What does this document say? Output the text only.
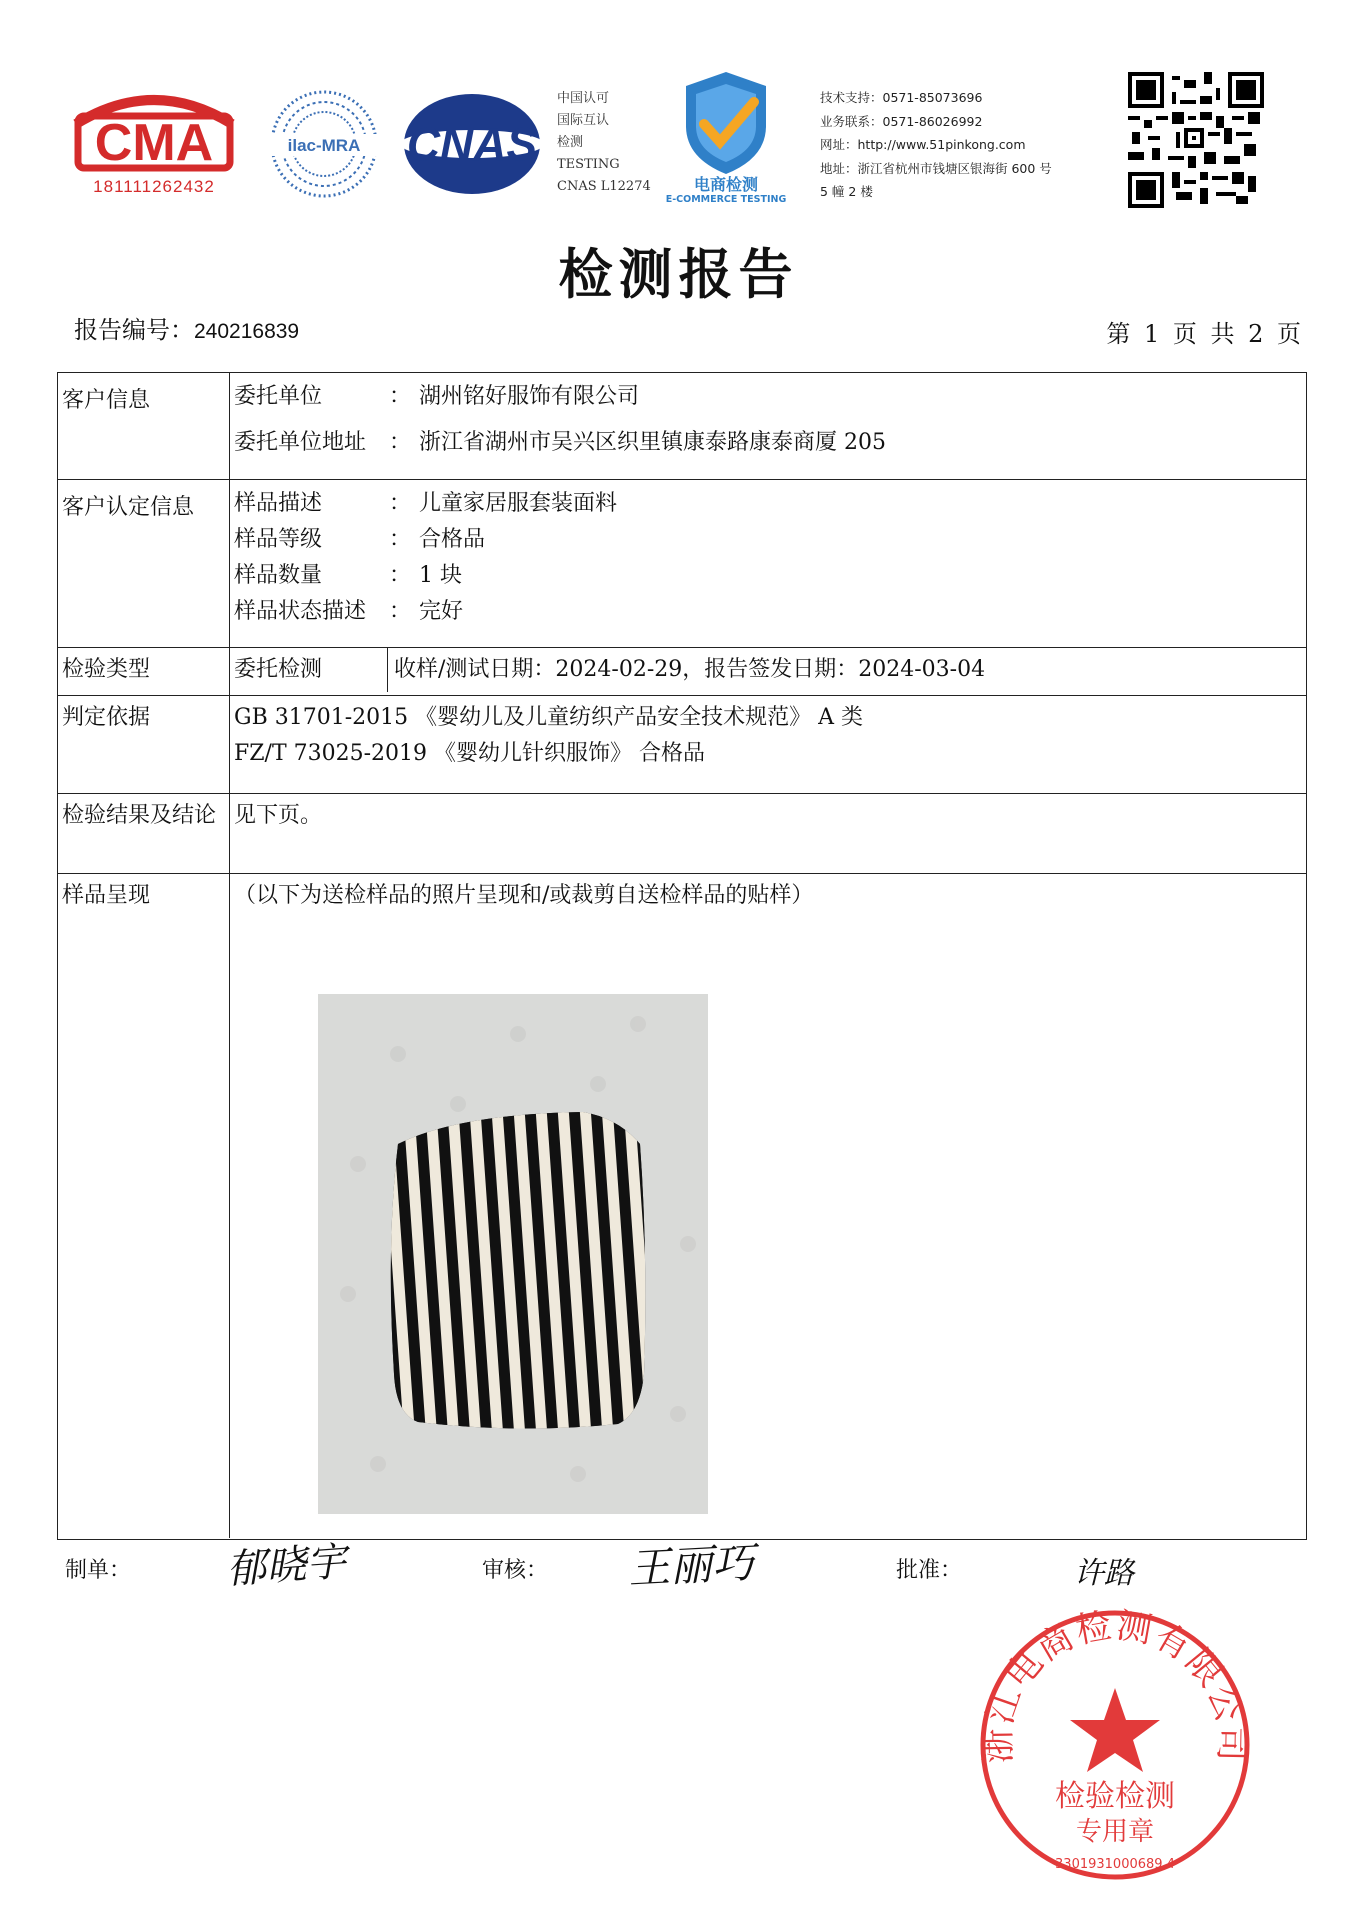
CMA
181111262432
ilac-MRA CNAS
中国认可
国际互认
检测
TESTING
CNAS L12274	电商检测
E-COMMERCE TESTING
技术支持：0571-85073696
业务联系：0571-86026992
网址：http://www.51pinkong.com
地址：浙江省杭州市钱塘区银海街 600 号
5 幢 2 楼
检测报告
报告编号：240216839	第 1 页 共 2 页
客户信息	委托单位	： 湖州铭好服饰有限公司
委托单位地址 ： 浙江省湖州市吴兴区织里镇康泰路康泰商厦 205
客户认定信息	样品描述	： 儿童家居服套装面料
样品等级	： 合格品
样品数量	： 1 块
样品状态描述 ： 完好
检验类型	委托检测	收样/测试日期：2024-02-29，报告签发日期：2024-03-04
判定依据	GB 31701-2015 《婴幼儿及儿童纺织产品安全技术规范》 A 类
FZ/T 73025-2019 《婴幼儿针织服饰》 合格品
检验结果及结论 见下页。
样品呈现	（以下为送检样品的照片呈现和/或裁剪自送检样品的贴样）
制单： 郁晓宇	审核： 王丽巧	批准：	许路
浙江电商检测有限公司
检验检测
专用章
3301931000689 4
